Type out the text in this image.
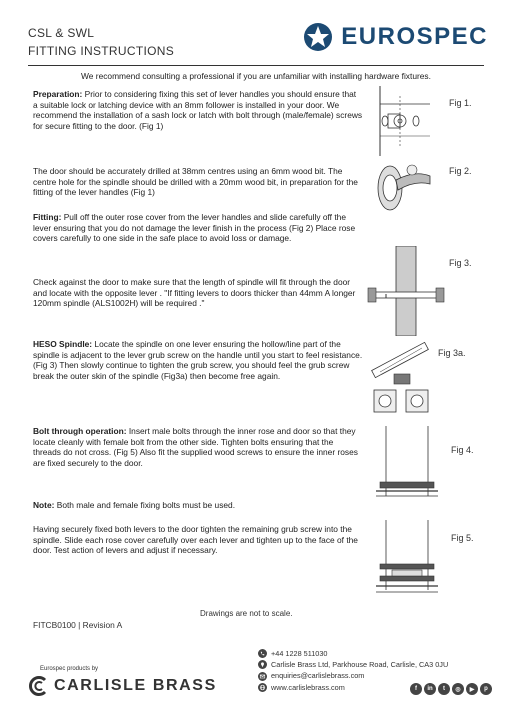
CSL & SWL
FITTING INSTRUCTIONS
EUROSPEC
We recommend consulting a professional if you are unfamiliar with installing hardware fixtures.
Preparation: Prior to considering fixing this set of lever handles you should ensure that a suitable lock or latching device with an 8mm follower is installed in your door. We recommend the installation of a sash lock or latch with bolt through (male/female) screws for secure fitting to the door. (Fig 1)
The door should be accurately drilled at 38mm centres using an 6mm wood bit. The centre hole for the spindle should be drilled with a 20mm wood bit, in preparation for the fitting of the lever handles (Fig 1)
Fitting: Pull off the outer rose cover from the lever handles and slide carefully off the lever ensuring that you do not damage the lever finish in the process (Fig 2) Place rose covers carefully to one side in the safe place to avoid loss or damage.
Check against the door to make sure that the length of spindle will fit through the door and locate with the opposite lever . "If fitting levers to doors thicker than 44mm A longer 120mm spindle (ALS1002H) will be required ."
HESO Spindle: Locate the spindle on one lever ensuring the hollow/line part of the spindle is adjacent to the lever grub screw on the handle until you start to feel resistance. (Fig 3) Then slowly continue to tighten the grub screw, you should feel the grub screw break the outer skin of the spindle (Fig3a) then become free again.
Bolt through operation: Insert male bolts through the inner rose and door so that they locate cleanly with female bolt from the other side. Tighten bolts ensuring that the threads do not cross. (Fig 5) Also fit the supplied wood screws to ensure the inner roses are fixed securely to the door.
Note: Both male and female fixing bolts must be used.
Having securely fixed both levers to the door tighten the remaining grub screw into the spindle. Slide each rose cover carefully over each lever and tighten up to the face of the door. Test action of levers and adjust if necessary.
Fig 1.
Fig 2.
Fig 3.
Fig 3a.
Fig 4.
Fig 5.
Drawings are not to scale.
FITCB0100 | Revision A
Eurospec products by
CARLISLE BRASS
+44 1228 511030
Carlisle Brass Ltd, Parkhouse Road, Carlisle, CA3 0JU
enquiries@carlislebrass.com
www.carlislebrass.com	f	in	t	◎	▶	p
